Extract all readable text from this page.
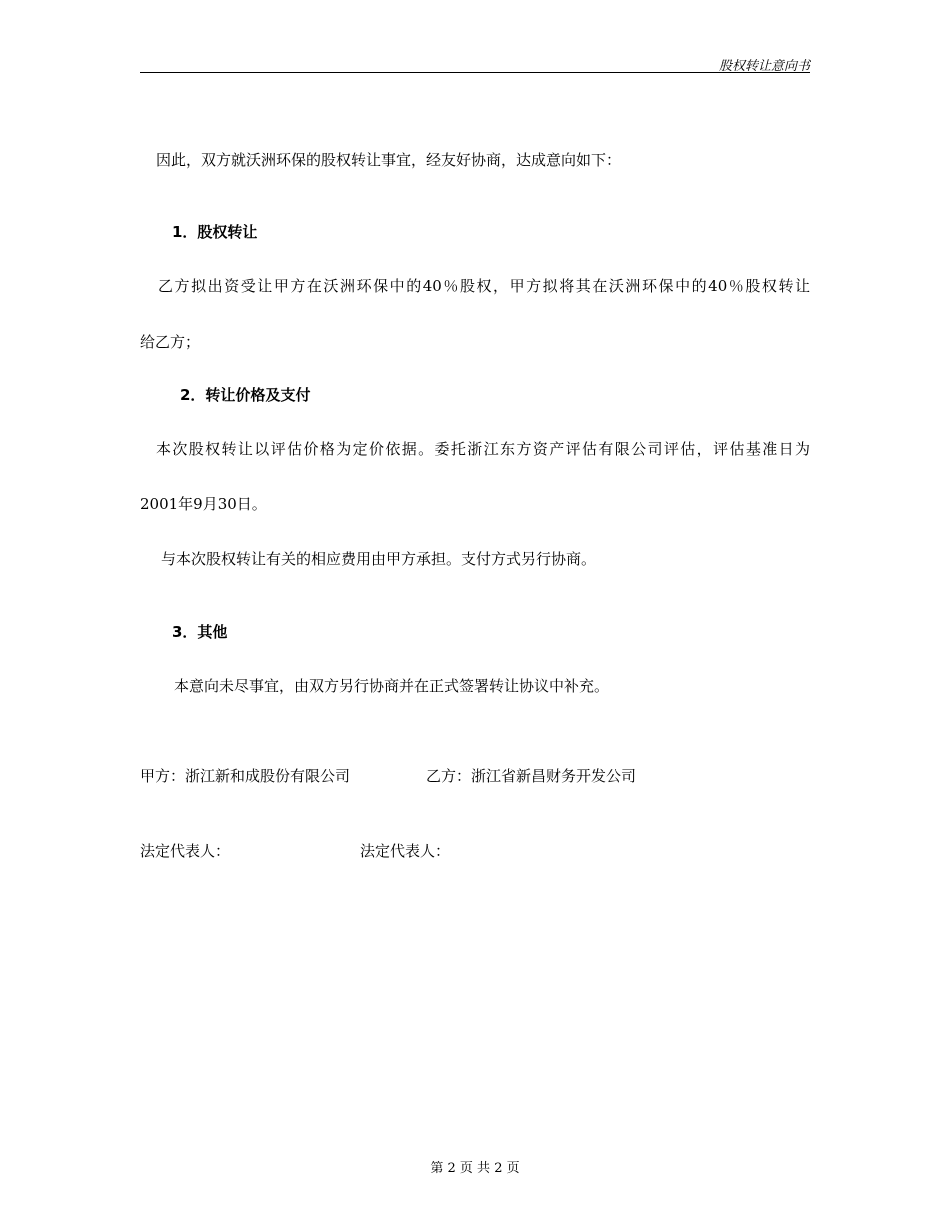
股权转让意向书
因此，双方就沃洲环保的股权转让事宜，经友好协商，达成意向如下：
1．股权转让
乙方拟出资受让甲方在沃洲环保中的40％股权，甲方拟将其在沃洲环保中的40％股权转让
给乙方；
2．转让价格及支付
本次股权转让以评估价格为定价依据。委托浙江东方资产评估有限公司评估，评估基准日为
2001年9月30日。
与本次股权转让有关的相应费用由甲方承担。支付方式另行协商。
3．其他
本意向未尽事宜，由双方另行协商并在正式签署转让协议中补充。
甲方：浙江新和成股份有限公司	乙方：浙江省新昌财务开发公司
法定代表人：	法定代表人：
第 2 页 共 2 页
